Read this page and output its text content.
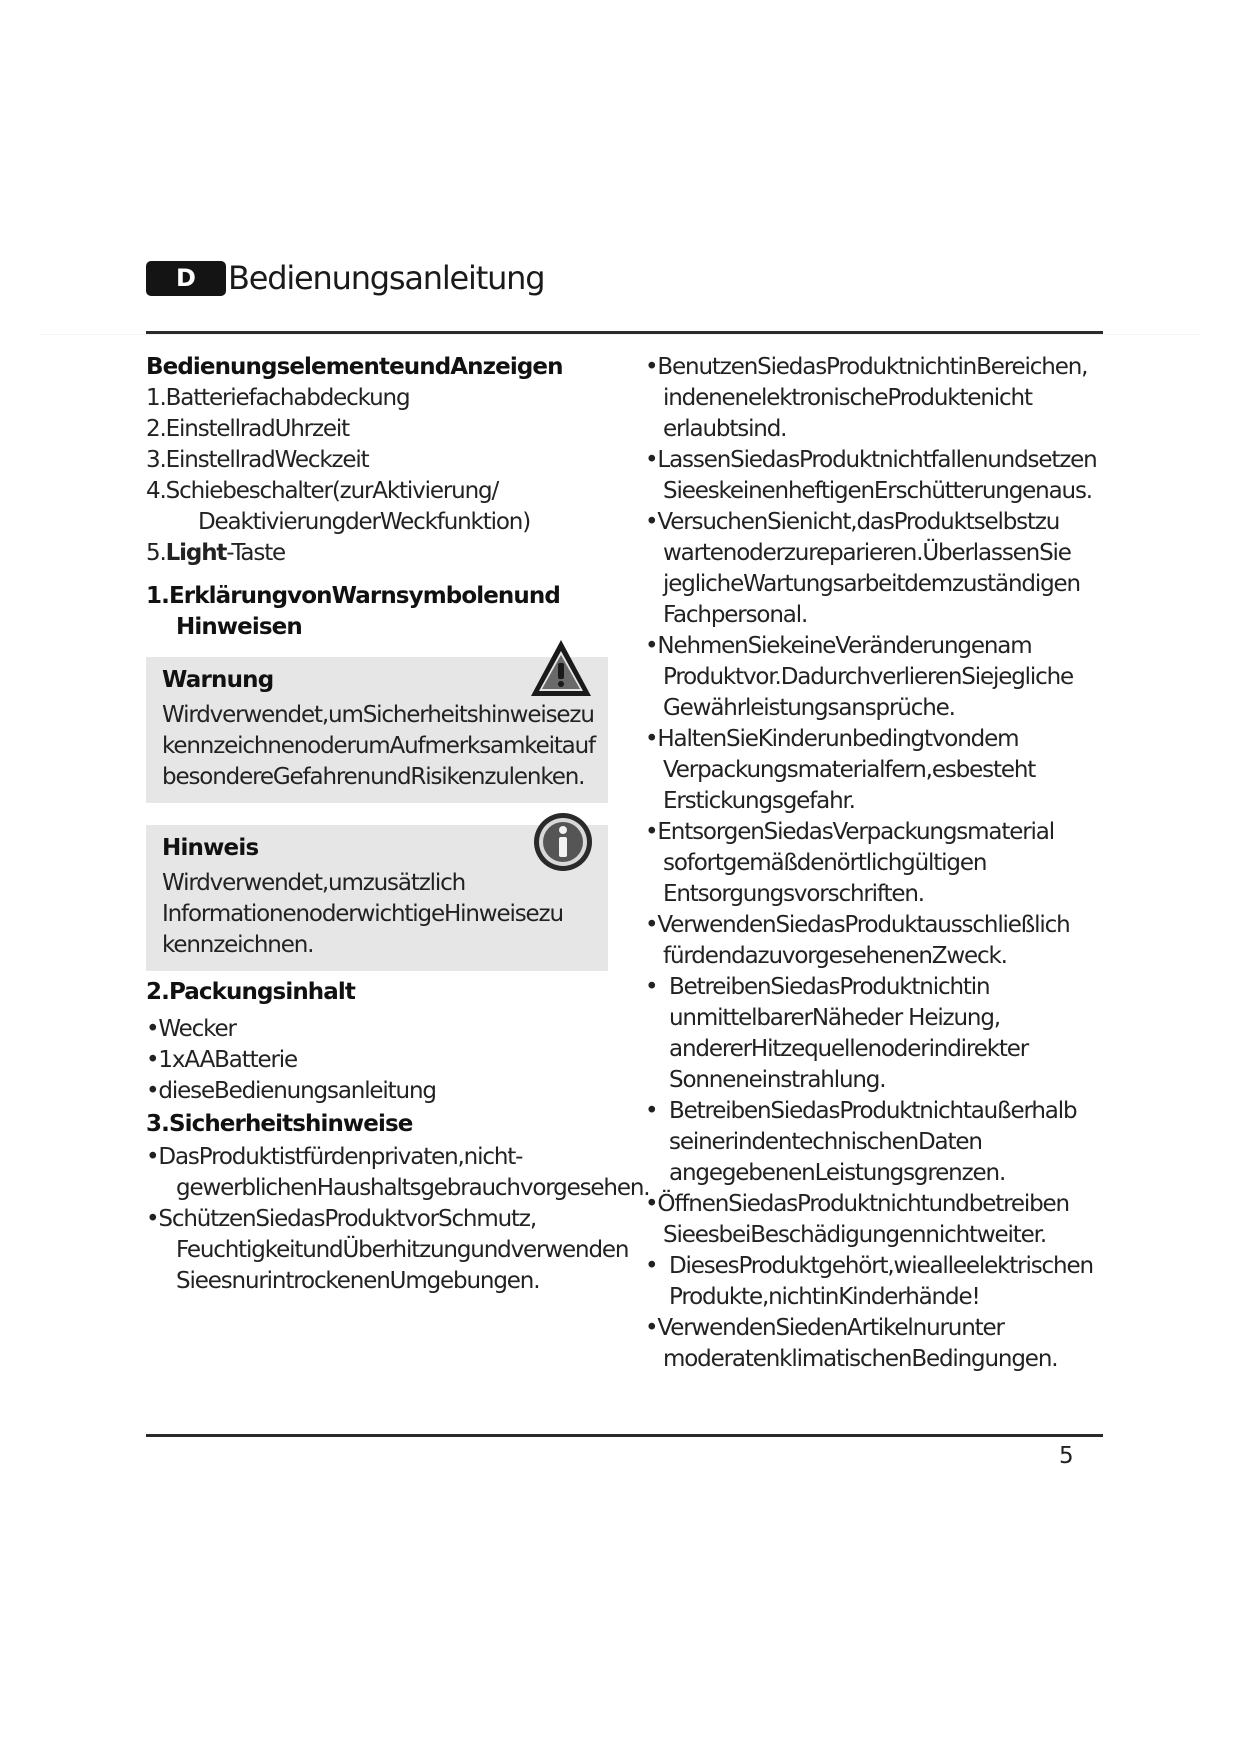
D	Bedienungsanleitung
BedienungselementeundAnzeigen
1.Batteriefachabdeckung
2.EinstellradUhrzeit
3.EinstellradWeckzeit
4.Schiebeschalter(zurAktivierung/
DeaktivierungderWeckfunktion)
5.Light-Taste
1.ErklärungvonWarnsymbolenund
Hinweisen
Warnung
Wirdverwendet,umSicherheitshinweisezu
kennzeichnenoderumAufmerksamkeitauf
besondereGefahrenundRisikenzulenken.
Hinweis
Wirdverwendet,umzusätzlich
InformationenoderwichtigeHinweisezu
kennzeichnen.
2.Packungsinhalt
•Wecker
•1xAABatterie
•dieseBedienungsanleitung
3.Sicherheitshinweise
•DasProduktistfürdenprivaten,nicht-
gewerblichenHaushaltsgebrauchvorgesehen.
•SchützenSiedasProduktvorSchmutz,
FeuchtigkeitundÜberhitzungundverwenden
SieesnurintrockenenUmgebungen.
•BenutzenSiedasProduktnichtinBereichen,
indenenelektronischeProduktenicht
erlaubtsind.
•LassenSiedasProduktnichtfallenundsetzen
SieeskeinenheftigenErschütterungenaus.
•VersuchenSienicht,dasProduktselbstzu
wartenoderzureparieren.ÜberlassenSie
jeglicheWartungsarbeitdemzuständigen
Fachpersonal.
•NehmenSiekeineVeränderungenam
Produktvor.DadurchverlierenSiejegliche
Gewährleistungsansprüche.
•HaltenSieKinderunbedingtvondem
Verpackungsmaterialfern,esbesteht
Erstickungsgefahr.
•EntsorgenSiedasVerpackungsmaterial
sofortgemäßdenörtlichgültigen
Entsorgungsvorschriften.
•VerwendenSiedasProduktausschließlich
fürdendazuvorgesehenenZweck.
• BetreibenSiedasProduktnichtin
unmittelbarerNäheder Heizung,
andererHitzequellenoderindirekter
Sonneneinstrahlung.
• BetreibenSiedasProduktnichtaußerhalb
seinerindentechnischenDaten
angegebenenLeistungsgrenzen.
•ÖffnenSiedasProduktnichtundbetreiben
SieesbeiBeschädigungennichtweiter.
• DiesesProduktgehört,wiealleelektrischen
Produkte,nichtinKinderhände!
•VerwendenSiedenArtikelnurunter
moderatenklimatischenBedingungen.
5
